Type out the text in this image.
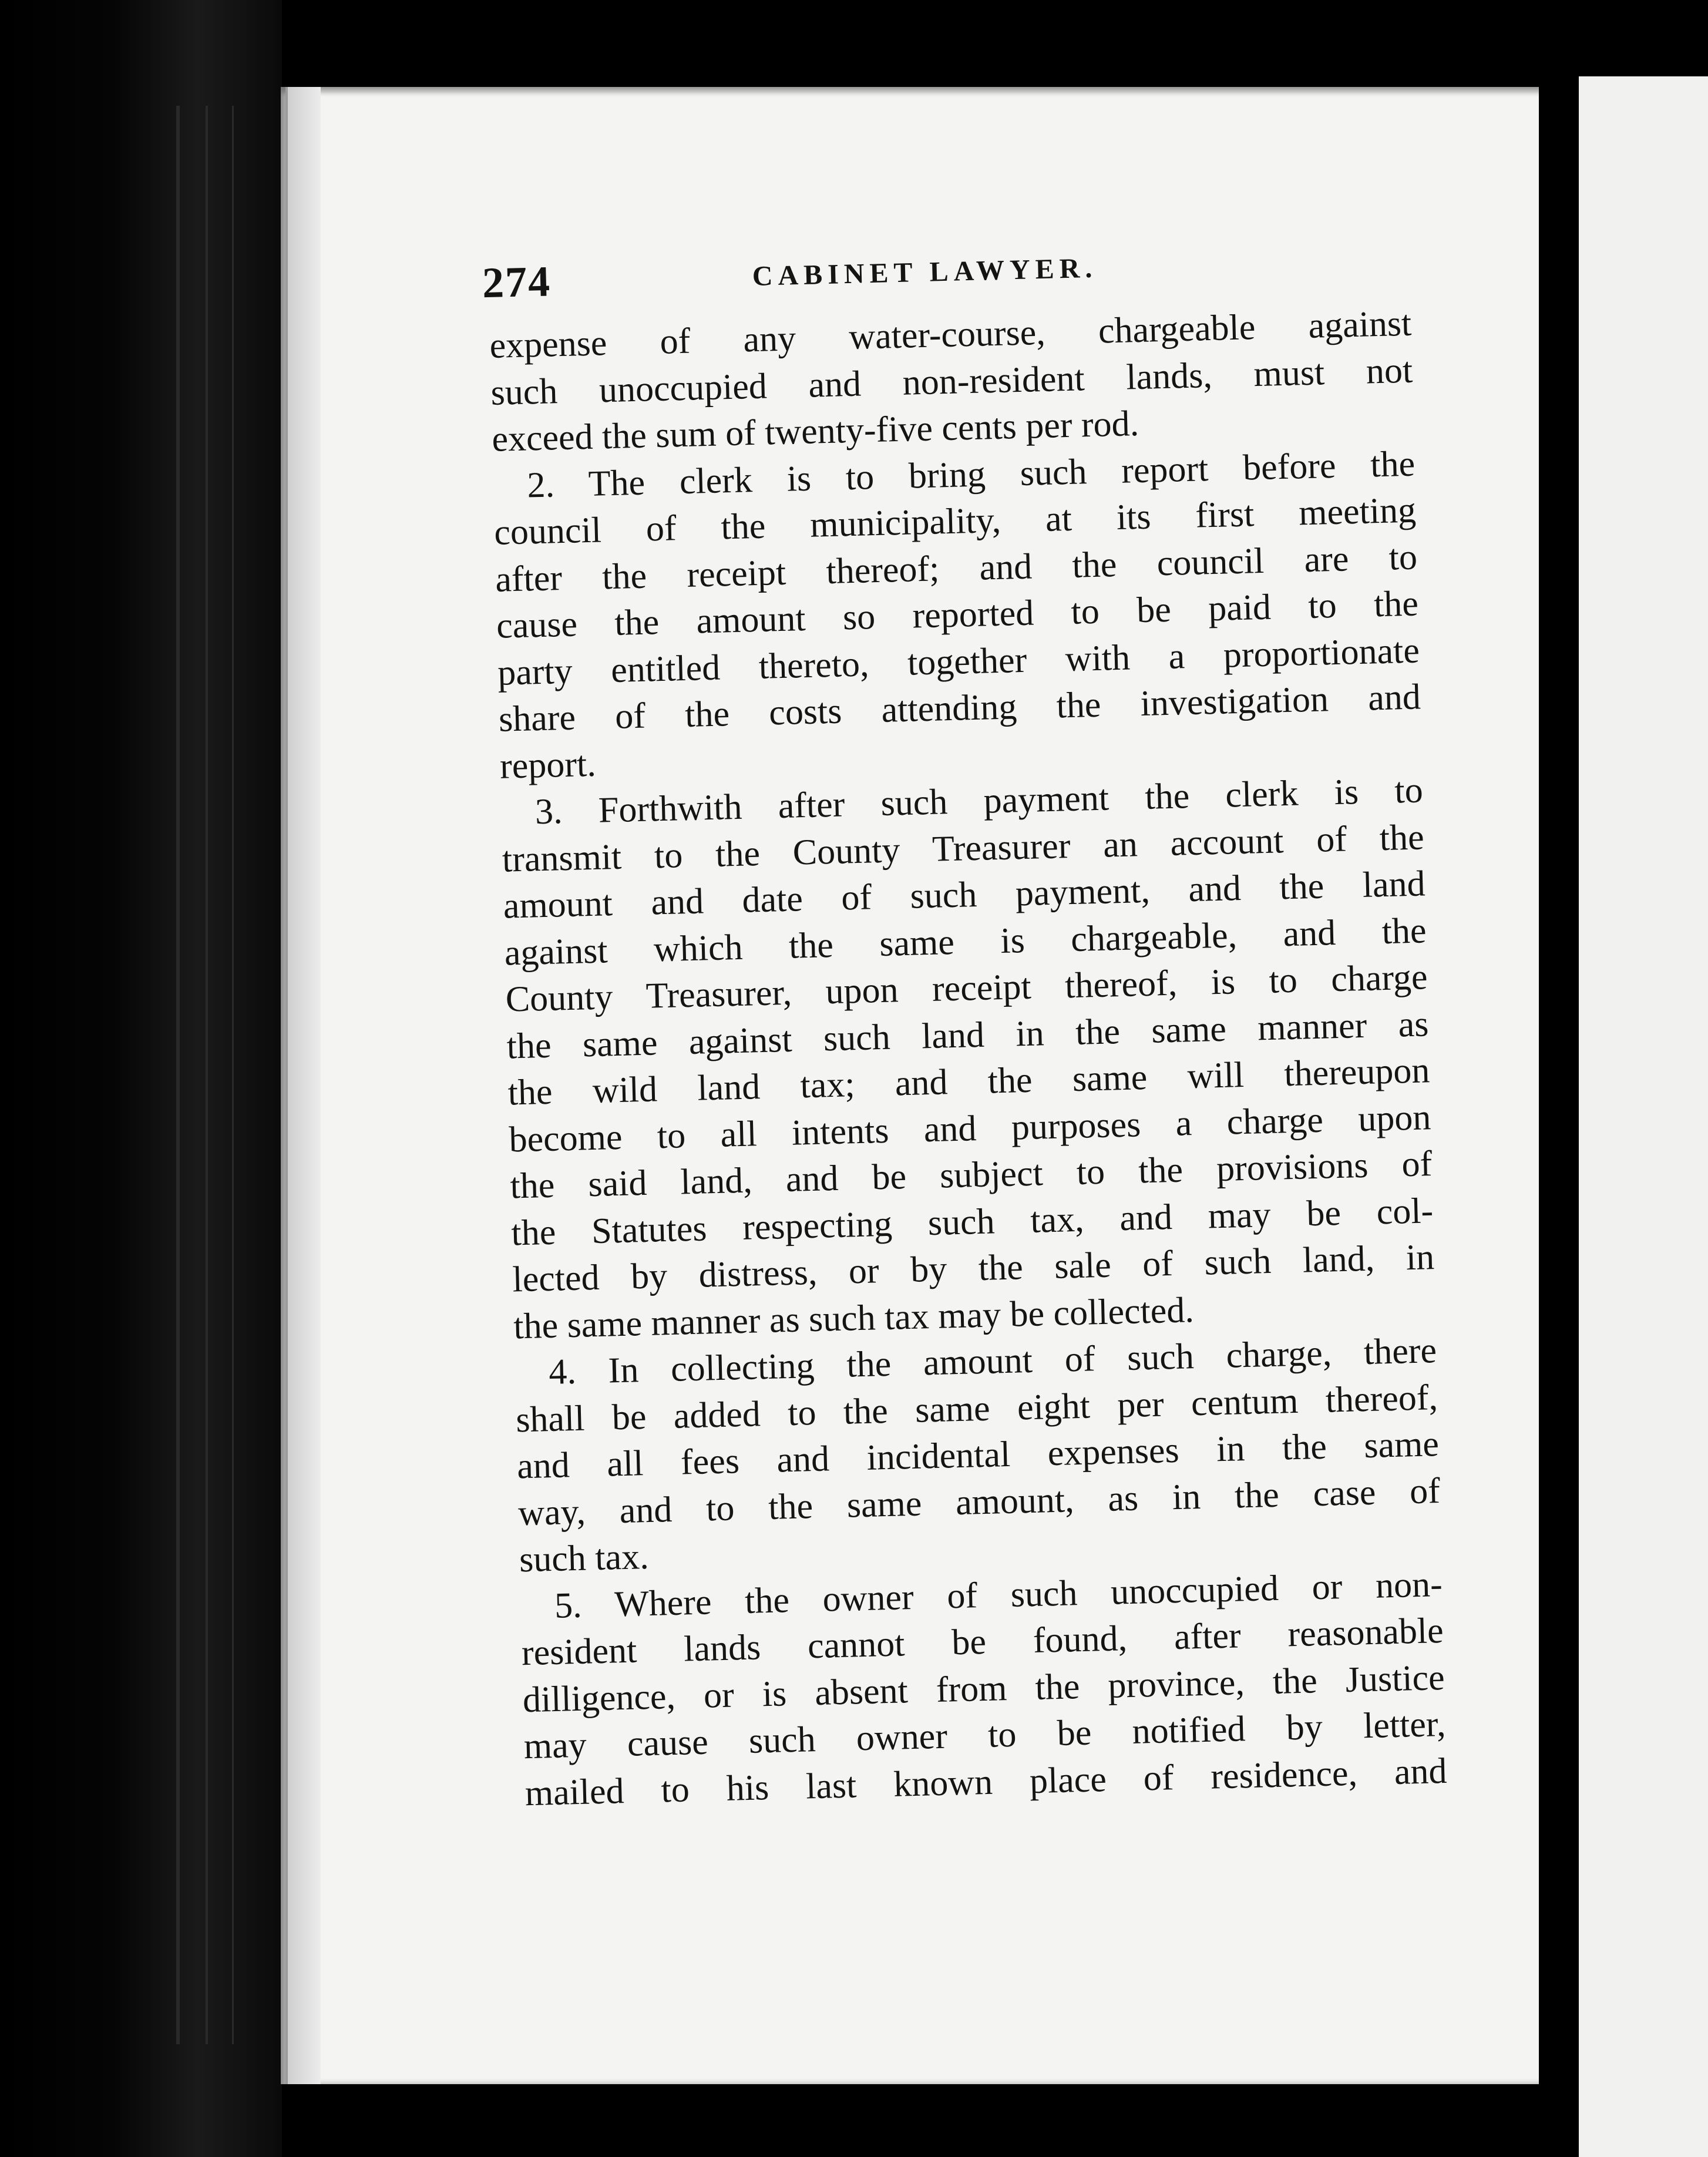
274	CABINET LAWYER.
expense of any water-course, chargeable against
such unoccupied and non-resident lands, must not
exceed the sum of twenty-five cents per rod.
2. The clerk is to bring such report before the
council of the municipality, at its first meeting
after the receipt thereof; and the council are to
cause the amount so reported to be paid to the
party entitled thereto, together with a proportionate
share of the costs attending the investigation and
report.
3. Forthwith after such payment the clerk is to
transmit to the County Treasurer an account of the
amount and date of such payment, and the land
against which the same is chargeable, and the
County Treasurer, upon receipt thereof, is to charge
the same against such land in the same manner as
the wild land tax; and the same will thereupon
become to all intents and purposes a charge upon
the said land, and be subject to the provisions of
the Statutes respecting such tax, and may be col-
lected by distress, or by the sale of such land, in
the same manner as such tax may be collected.
4. In collecting the amount of such charge, there
shall be added to the same eight per centum thereof,
and all fees and incidental expenses in the same
way, and to the same amount, as in the case of
such tax.
5. Where the owner of such unoccupied or non-
resident lands cannot be found, after reasonable
dilligence, or is absent from the province, the Justice
may cause such owner to be notified by letter,
mailed to his last known place of residence, and
